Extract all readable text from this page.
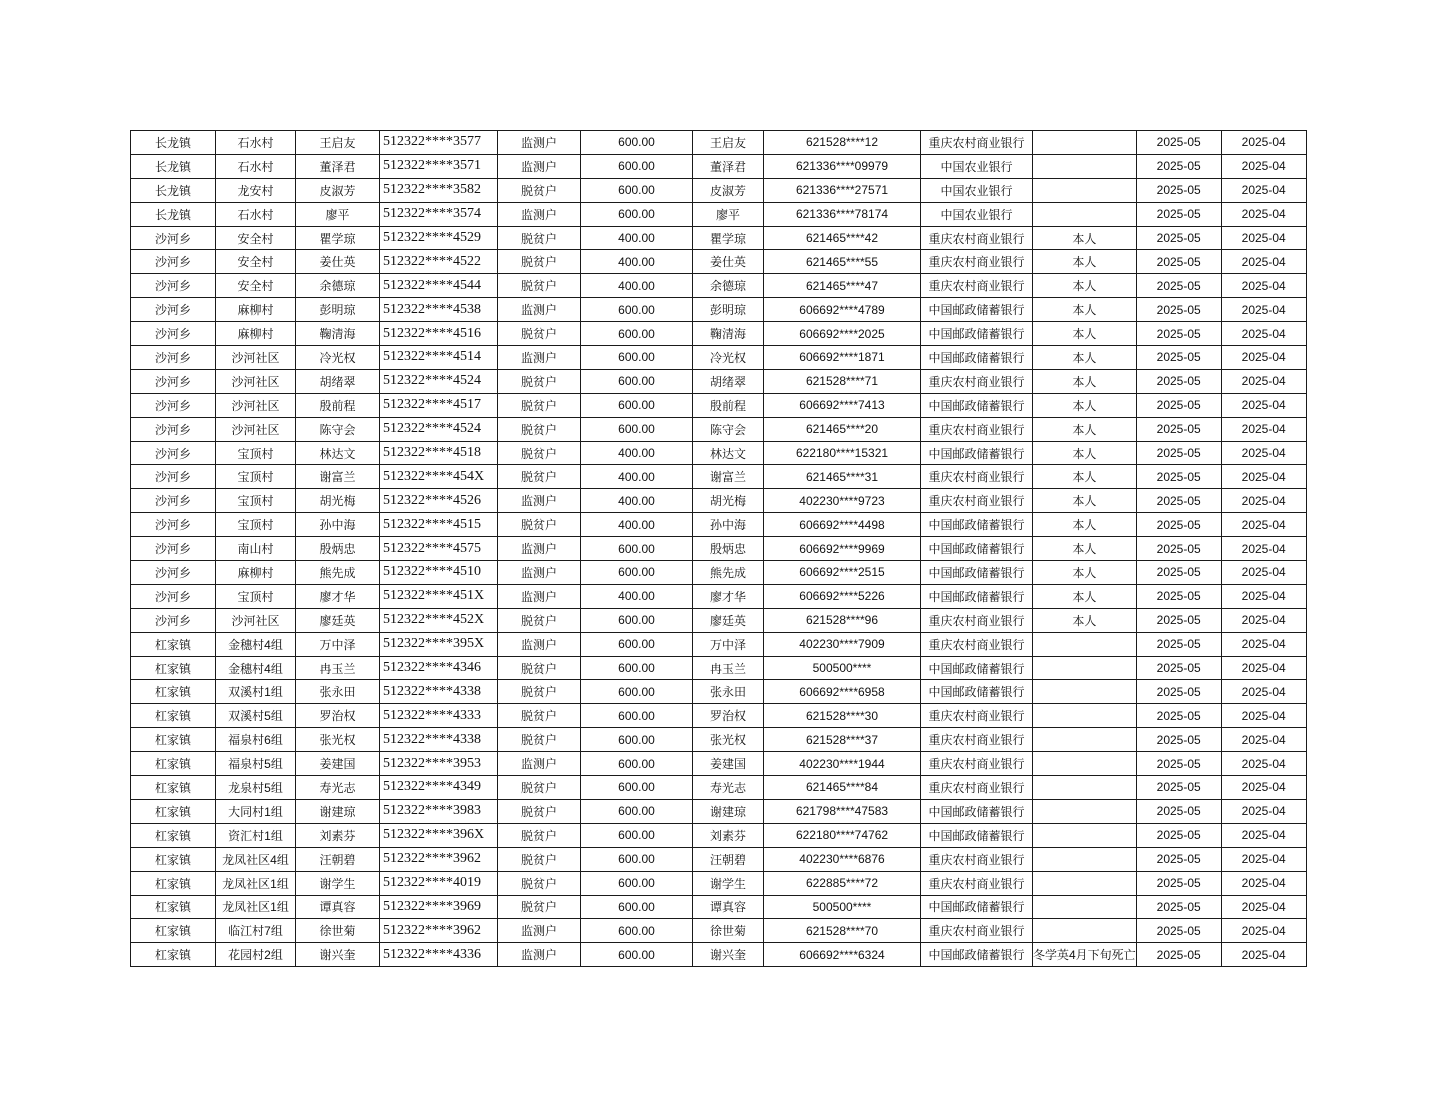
长龙镇	石水村	王启友	512322****3577	监测户	600.00	王启友	621528****12	重庆农村商业银行		2025-05	2025-04
长龙镇	石水村	董泽君	512322****3571	监测户	600.00	董泽君	621336****09979	中国农业银行		2025-05	2025-04
长龙镇	龙安村	皮淑芳	512322****3582	脱贫户	600.00	皮淑芳	621336****27571	中国农业银行		2025-05	2025-04
长龙镇	石水村	廖平	512322****3574	监测户	600.00	廖平	621336****78174	中国农业银行		2025-05	2025-04
沙河乡	安全村	瞿学琼	512322****4529	脱贫户	400.00	瞿学琼	621465****42	重庆农村商业银行	本人	2025-05	2025-04
沙河乡	安全村	姜仕英	512322****4522	脱贫户	400.00	姜仕英	621465****55	重庆农村商业银行	本人	2025-05	2025-04
沙河乡	安全村	余德琼	512322****4544	脱贫户	400.00	余德琼	621465****47	重庆农村商业银行	本人	2025-05	2025-04
沙河乡	麻柳村	彭明琼	512322****4538	监测户	600.00	彭明琼	606692****4789	中国邮政储蓄银行	本人	2025-05	2025-04
沙河乡	麻柳村	鞠清海	512322****4516	脱贫户	600.00	鞠清海	606692****2025	中国邮政储蓄银行	本人	2025-05	2025-04
沙河乡	沙河社区	冷光权	512322****4514	监测户	600.00	冷光权	606692****1871	中国邮政储蓄银行	本人	2025-05	2025-04
沙河乡	沙河社区	胡绪翠	512322****4524	脱贫户	600.00	胡绪翠	621528****71	重庆农村商业银行	本人	2025-05	2025-04
沙河乡	沙河社区	殷前程	512322****4517	脱贫户	600.00	殷前程	606692****7413	中国邮政储蓄银行	本人	2025-05	2025-04
沙河乡	沙河社区	陈守会	512322****4524	脱贫户	600.00	陈守会	621465****20	重庆农村商业银行	本人	2025-05	2025-04
沙河乡	宝顶村	林达文	512322****4518	脱贫户	400.00	林达文	622180****15321	中国邮政储蓄银行	本人	2025-05	2025-04
沙河乡	宝顶村	谢富兰	512322****454X	脱贫户	400.00	谢富兰	621465****31	重庆农村商业银行	本人	2025-05	2025-04
沙河乡	宝顶村	胡光梅	512322****4526	监测户	400.00	胡光梅	402230****9723	重庆农村商业银行	本人	2025-05	2025-04
沙河乡	宝顶村	孙中海	512322****4515	脱贫户	400.00	孙中海	606692****4498	中国邮政储蓄银行	本人	2025-05	2025-04
沙河乡	南山村	殷炳忠	512322****4575	监测户	600.00	殷炳忠	606692****9969	中国邮政储蓄银行	本人	2025-05	2025-04
沙河乡	麻柳村	熊先成	512322****4510	监测户	600.00	熊先成	606692****2515	中国邮政储蓄银行	本人	2025-05	2025-04
沙河乡	宝顶村	廖才华	512322****451X	监测户	400.00	廖才华	606692****5226	中国邮政储蓄银行	本人	2025-05	2025-04
沙河乡	沙河社区	廖廷英	512322****452X	脱贫户	600.00	廖廷英	621528****96	重庆农村商业银行	本人	2025-05	2025-04
杠家镇	金穗村4组	万中泽	512322****395X	监测户	600.00	万中泽	402230****7909	重庆农村商业银行		2025-05	2025-04
杠家镇	金穗村4组	冉玉兰	512322****4346	脱贫户	600.00	冉玉兰	500500****	中国邮政储蓄银行		2025-05	2025-04
杠家镇	双溪村1组	张永田	512322****4338	脱贫户	600.00	张永田	606692****6958	中国邮政储蓄银行		2025-05	2025-04
杠家镇	双溪村5组	罗治权	512322****4333	脱贫户	600.00	罗治权	621528****30	重庆农村商业银行		2025-05	2025-04
杠家镇	福泉村6组	张光权	512322****4338	脱贫户	600.00	张光权	621528****37	重庆农村商业银行		2025-05	2025-04
杠家镇	福泉村5组	姜建国	512322****3953	监测户	600.00	姜建国	402230****1944	重庆农村商业银行		2025-05	2025-04
杠家镇	龙泉村5组	寿光志	512322****4349	脱贫户	600.00	寿光志	621465****84	重庆农村商业银行		2025-05	2025-04
杠家镇	大同村1组	谢建琼	512322****3983	脱贫户	600.00	谢建琼	621798****47583	中国邮政储蓄银行		2025-05	2025-04
杠家镇	资汇村1组	刘素芬	512322****396X	脱贫户	600.00	刘素芬	622180****74762	中国邮政储蓄银行		2025-05	2025-04
杠家镇	龙凤社区4组	汪朝碧	512322****3962	脱贫户	600.00	汪朝碧	402230****6876	重庆农村商业银行		2025-05	2025-04
杠家镇	龙凤社区1组	谢学生	512322****4019	脱贫户	600.00	谢学生	622885****72	重庆农村商业银行		2025-05	2025-04
杠家镇	龙凤社区1组	谭真容	512322****3969	脱贫户	600.00	谭真容	500500****	中国邮政储蓄银行		2025-05	2025-04
杠家镇	临江村7组	徐世菊	512322****3962	监测户	600.00	徐世菊	621528****70	重庆农村商业银行		2025-05	2025-04
杠家镇	花园村2组	谢兴奎	512322****4336	监测户	600.00	谢兴奎	606692****6324	中国邮政储蓄银行	冬学英4月下旬死亡	2025-05	2025-04
